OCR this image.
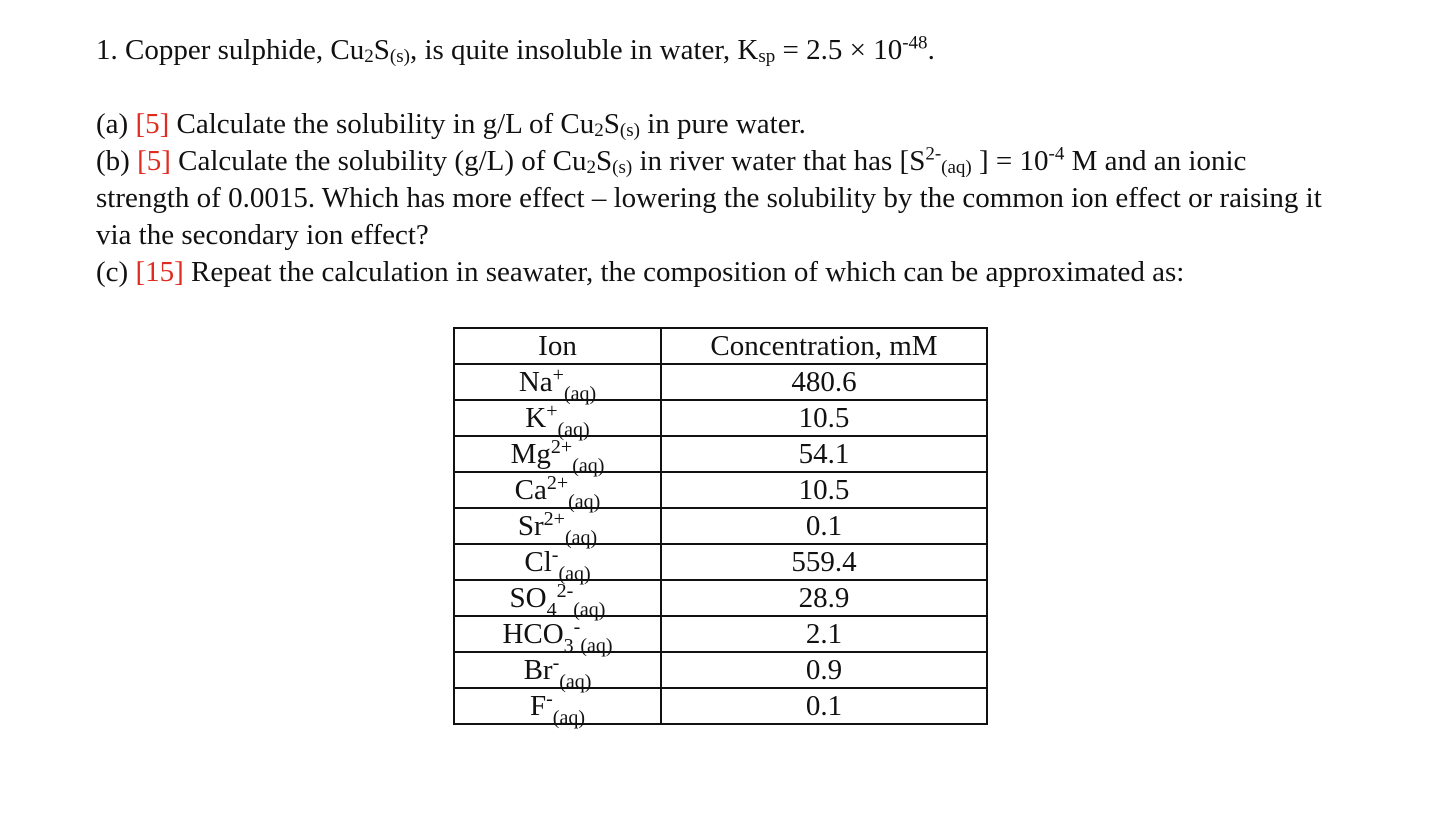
1. Copper sulphide, $Cu_2S_{(s)}$, is quite insoluble in water, $K_{sp} = 2.5 \times 10^{-48}$.
(a) [5] Calculate the solubility in g/L of $Cu_2S_{(s)}$ in pure water.
(b) [5] Calculate the solubility (g/L) of $Cu_2S_{(s)}$ in river water that has [$S^{2-}_{(aq)}$ ] = $10^{-4}$ M and an ionic strength of 0.0015. Which has more effect – lowering the solubility by the common ion effect or raising it via the secondary ion effect?
(c) [15] Repeat the calculation in seawater, the composition of which can be approximated as:
Ion	Concentration, mM
$Na^+_{(aq)}$	480.6
$K^+_{(aq)}$	10.5
$Mg^{2+}_{(aq)}$	54.1
$Ca^{2+}_{(aq)}$	10.5
$Sr^{2+}_{(aq)}$	0.1
$Cl^-_{(aq)}$	559.4
$SO_4^{2-}_{(aq)}$	28.9
$HCO_3^-_{(aq)}$	2.1
$Br^-_{(aq)}$	0.9
$F^-_{(aq)}$	0.1
